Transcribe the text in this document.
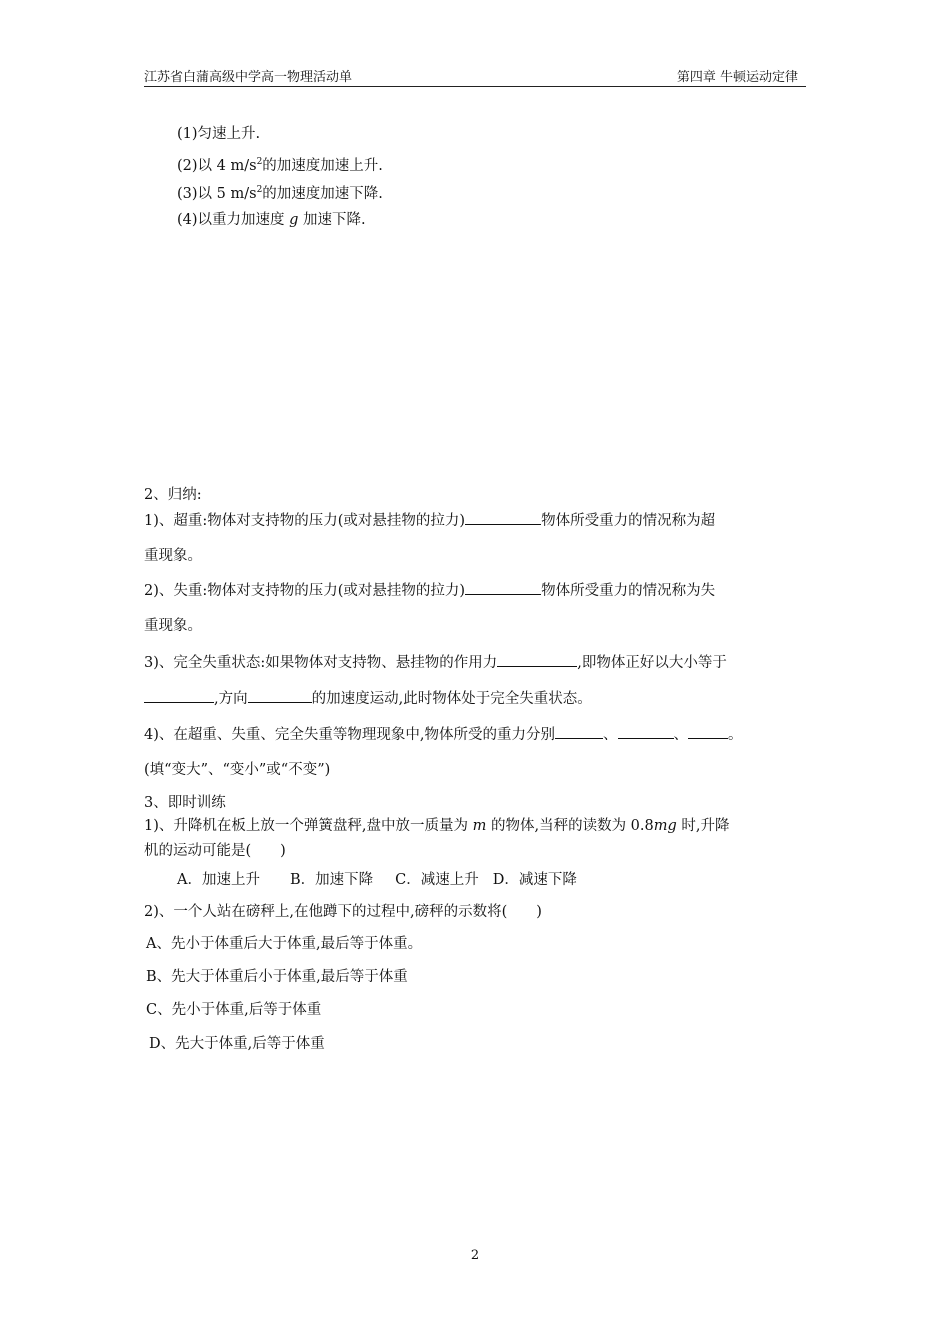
江苏省白蒲高级中学高一物理活动单	第四章 牛顿运动定律
(1)匀速上升.
(2)以 4 $m/s^2$的加速度加速上升.
(3)以 5 $m/s^2$的加速度加速下降.
(4)以重力加速度 g 加速下降.
2、归纳:
1)、超重:物体对支持物的压力(或对悬挂物的拉力)	物体所受重力的情况称为超
重现象。
2)、失重:物体对支持物的压力(或对悬挂物的拉力)	物体所受重力的情况称为失
重现象。
3)、完全失重状态:如果物体对支持物、悬挂物的作用力	,即物体正好以大小等于
,方向	的加速度运动,此时物体处于完全失重状态。
4)、在超重、失重、完全失重等物理现象中,物体所受的重力分别	、	、	。
(填“变大”、“变小”或“不变”)
3、即时训练
1)、升降机在板上放一个弹簧盘秤,盘中放一质量为 m 的物体,当秤的读数为 0.8mg 时,升降
机的运动可能是(　　)
A．加速上升 B．加速下降 C．减速上升 D．减速下降
2)、一个人站在磅秤上,在他蹲下的过程中,磅秤的示数将(　　)
A、先小于体重后大于体重,最后等于体重。
B、先大于体重后小于体重,最后等于体重
C、先小于体重,后等于体重
D、先大于体重,后等于体重
2
